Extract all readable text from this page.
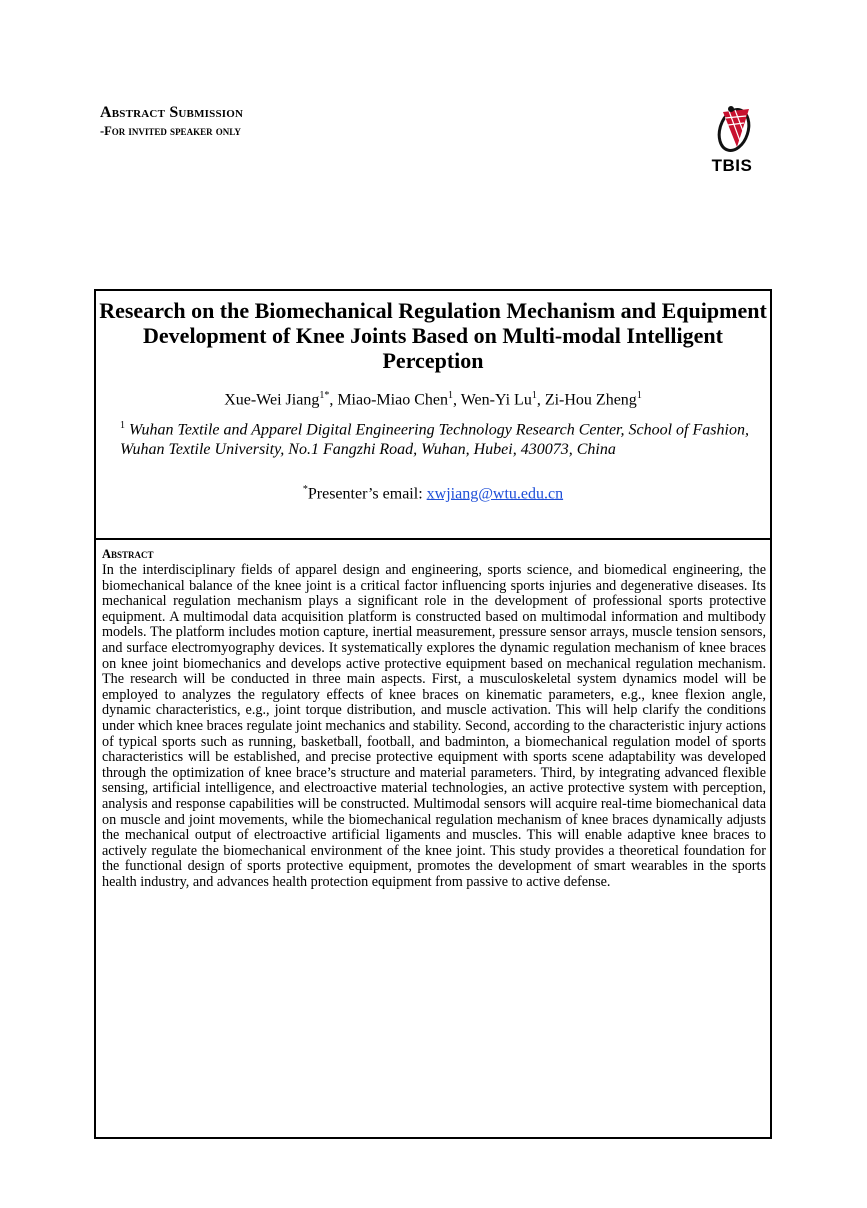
Abstract Submission
-For invited speaker only
TBIS
Research on the Biomechanical Regulation Mechanism and Equipment Development of Knee Joints Based on Multi-modal Intelligent Perception
Xue-Wei Jiang$^{1*}$, Miao-Miao Chen$^1$, Wen-Yi Lu$^1$, Zi-Hou Zheng$^1$
$^1$ Wuhan Textile and Apparel Digital Engineering Technology Research Center, School of Fashion, Wuhan Textile University, No.1 Fangzhi Road, Wuhan, Hubei, 430073, China
*Presenter’s email: xwjiang@wtu.edu.cn
Abstract
In the interdisciplinary fields of apparel design and engineering, sports science, and biomedical engineering, the biomechanical balance of the knee joint is a critical factor influencing sports injuries and degenerative diseases. Its mechanical regulation mechanism plays a significant role in the development of professional sports protective equipment. A multimodal data acquisition platform is constructed based on multimodal information and multibody models. The platform includes motion capture, inertial measurement, pressure sensor arrays, muscle tension sensors, and surface electromyography devices. It systematically explores the dynamic regulation mechanism of knee braces on knee joint biomechanics and develops active protective equipment based on mechanical regulation mechanism. The research will be conducted in three main aspects. First, a musculoskeletal system dynamics model will be employed to analyzes the regulatory effects of knee braces on kinematic parameters, e.g., knee flexion angle, dynamic characteristics, e.g., joint torque distribution, and muscle activation. This will help clarify the conditions under which knee braces regulate joint mechanics and stability. Second, according to the characteristic injury actions of typical sports such as running, basketball, football, and badminton, a biomechanical regulation model of sports characteristics will be established, and precise protective equipment with sports scene adaptability was developed through the optimization of knee brace’s structure and material parameters. Third, by integrating advanced flexible sensing, artificial intelligence, and electroactive material technologies, an active protective system with perception, analysis and response capabilities will be constructed. Multimodal sensors will acquire real-time biomechanical data on muscle and joint movements, while the biomechanical regulation mechanism of knee braces dynamically adjusts the mechanical output of electroactive artificial ligaments and muscles. This will enable adaptive knee braces to actively regulate the biomechanical environment of the knee joint. This study provides a theoretical foundation for the functional design of sports protective equipment, promotes the development of smart wearables in the sports health industry, and advances health protection equipment from passive to active defense.
